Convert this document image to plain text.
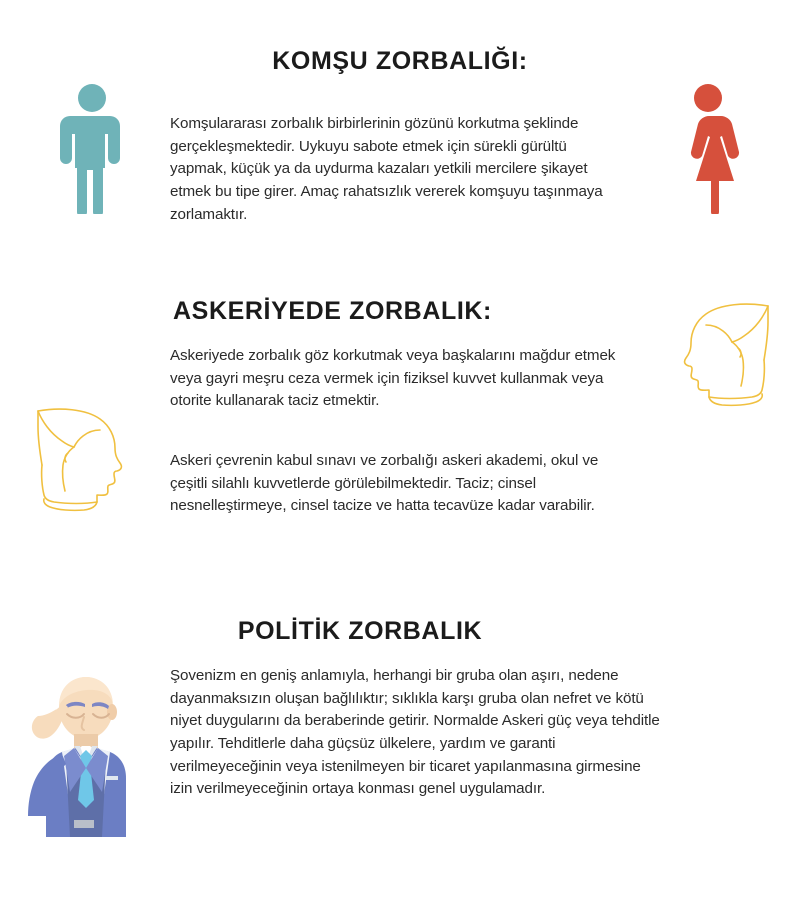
KOMŞU ZORBALIĞI:

Komşulararası zorbalık birbirlerinin gözünü korkutma şeklinde gerçekleşmektedir. Uykuyu sabote etmek için sürekli gürültü yapmak, küçük ya da uydurma kazaları yetkili mercilere şikayet etmek bu tipe girer. Amaç rahatsızlık vererek komşuyu taşınmaya zorlamaktır.

ASKERİYEDE ZORBALIK:

Askeriyede zorbalık göz korkutmak veya başkalarını mağdur etmek veya gayri meşru ceza vermek için fiziksel kuvvet kullanmak veya otorite kullanarak taciz etmektir.

Askeri çevrenin kabul sınavı ve zorbalığı askeri akademi, okul ve çeşitli silahlı kuvvetlerde görülebilmektedir. Taciz; cinsel nesnelleştirmeye, cinsel tacize ve hatta tecavüze kadar varabilir.

POLİTİK ZORBALIK

Şovenizm en geniş anlamıyla, herhangi bir gruba olan aşırı, nedene dayanmaksızın oluşan bağlılıktır; sıklıkla karşı gruba olan nefret ve kötü niyet duygularını da beraberinde getirir. Normalde Askeri güç veya tehditle yapılır. Tehditlerle daha güçsüz ülkelere, yardım ve garanti verilmeyeceğinin veya istenilmeyen bir ticaret yapılanmasına girmesine izin verilmeyeceğinin ortaya konması genel uygulamadır.
